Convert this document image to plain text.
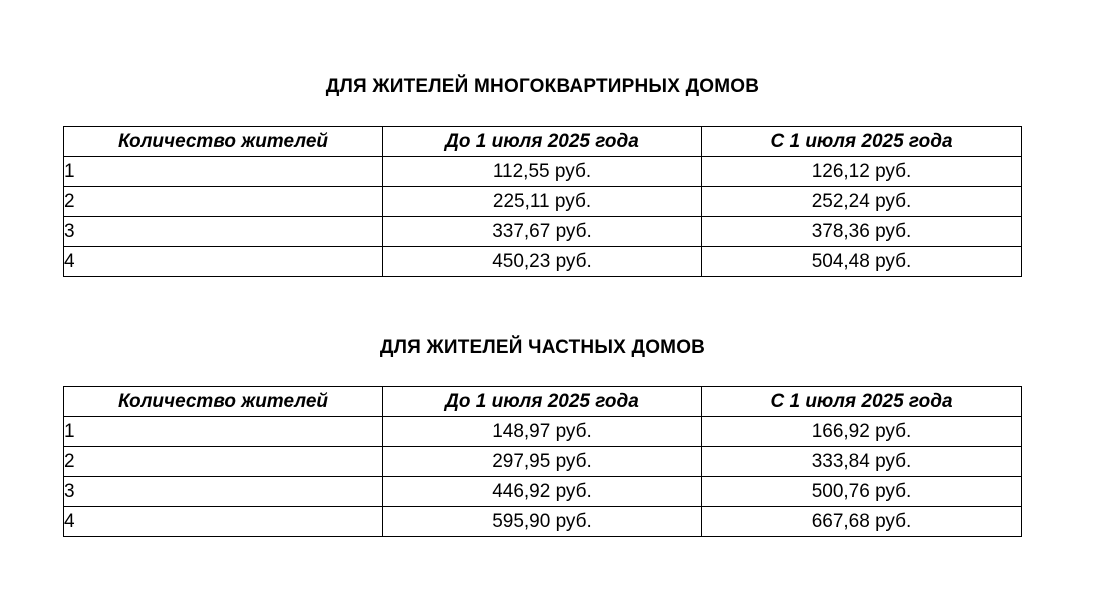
ДЛЯ ЖИТЕЛЕЙ МНОГОКВАРТИРНЫХ ДОМОВ
Количество жителей	До 1 июля 2025 года	С 1 июля 2025 года
1	112,55 руб.	126,12 руб.
2	225,11 руб.	252,24 руб.
3	337,67 руб.	378,36 руб.
4	450,23 руб.	504,48 руб.
ДЛЯ ЖИТЕЛЕЙ ЧАСТНЫХ ДОМОВ
Количество жителей	До 1 июля 2025 года	С 1 июля 2025 года
1	148,97 руб.	166,92 руб.
2	297,95 руб.	333,84 руб.
3	446,92 руб.	500,76 руб.
4	595,90 руб.	667,68 руб.
